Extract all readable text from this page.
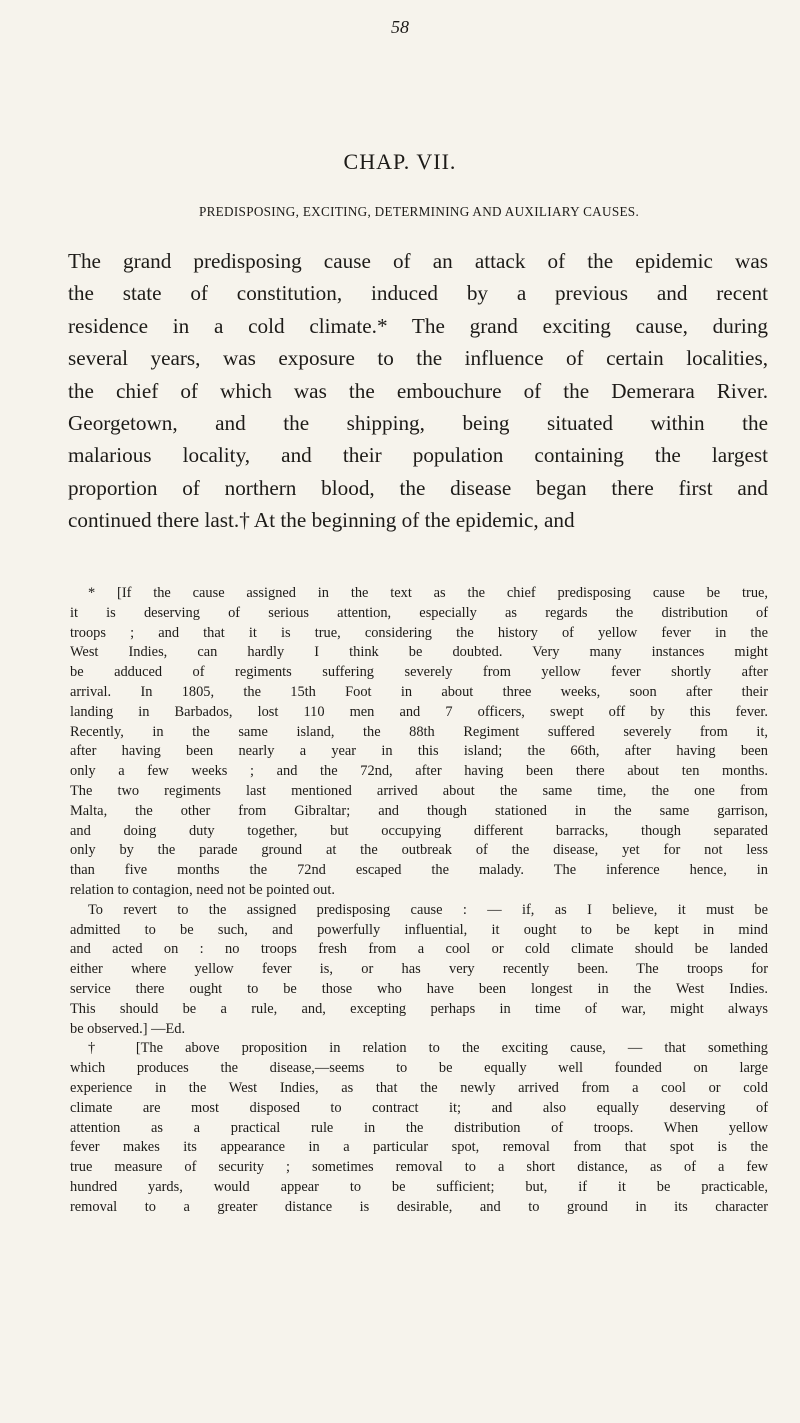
58
CHAP. VII.
PREDISPOSING, EXCITING, DETERMINING AND AUXILIARY CAUSES.
The grand predisposing cause of an attack of the epidemic was
the state of constitution, induced by a previous and recent
residence in a cold climate.* The grand exciting cause, during
several years, was exposure to the influence of certain localities,
the chief of which was the embouchure of the Demerara River.
Georgetown, and the shipping, being situated within the
malarious locality, and their population containing the largest
proportion of northern blood, the disease began there first and
continued there last.† At the beginning of the epidemic, and
* [If the cause assigned in the text as the chief predisposing cause be true,
it is deserving of serious attention, especially as regards the distribution of
troops ; and that it is true, considering the history of yellow fever in the
West Indies, can hardly I think be doubted. Very many instances might
be adduced of regiments suffering severely from yellow fever shortly after
arrival. In 1805, the 15th Foot in about three weeks, soon after their
landing in Barbados, lost 110 men and 7 officers, swept off by this fever.
Recently, in the same island, the 88th Regiment suffered severely from it,
after having been nearly a year in this island; the 66th, after having been
only a few weeks ; and the 72nd, after having been there about ten months.
The two regiments last mentioned arrived about the same time, the one from
Malta, the other from Gibraltar; and though stationed in the same garrison,
and doing duty together, but occupying different barracks, though separated
only by the parade ground at the outbreak of the disease, yet for not less
than five months the 72nd escaped the malady. The inference hence, in
relation to contagion, need not be pointed out.
To revert to the assigned predisposing cause : — if, as I believe, it must be
admitted to be such, and powerfully influential, it ought to be kept in mind
and acted on : no troops fresh from a cool or cold climate should be landed
either where yellow fever is, or has very recently been. The troops for
service there ought to be those who have been longest in the West Indies.
This should be a rule, and, excepting perhaps in time of war, might always
be observed.] —Ed.
† [The above proposition in relation to the exciting cause, — that something
which produces the disease,—seems to be equally well founded on large
experience in the West Indies, as that the newly arrived from a cool or cold
climate are most disposed to contract it; and also equally deserving of
attention as a practical rule in the distribution of troops. When yellow
fever makes its appearance in a particular spot, removal from that spot is the
true measure of security ; sometimes removal to a short distance, as of a few
hundred yards, would appear to be sufficient; but, if it be practicable,
removal to a greater distance is desirable, and to ground in its character
